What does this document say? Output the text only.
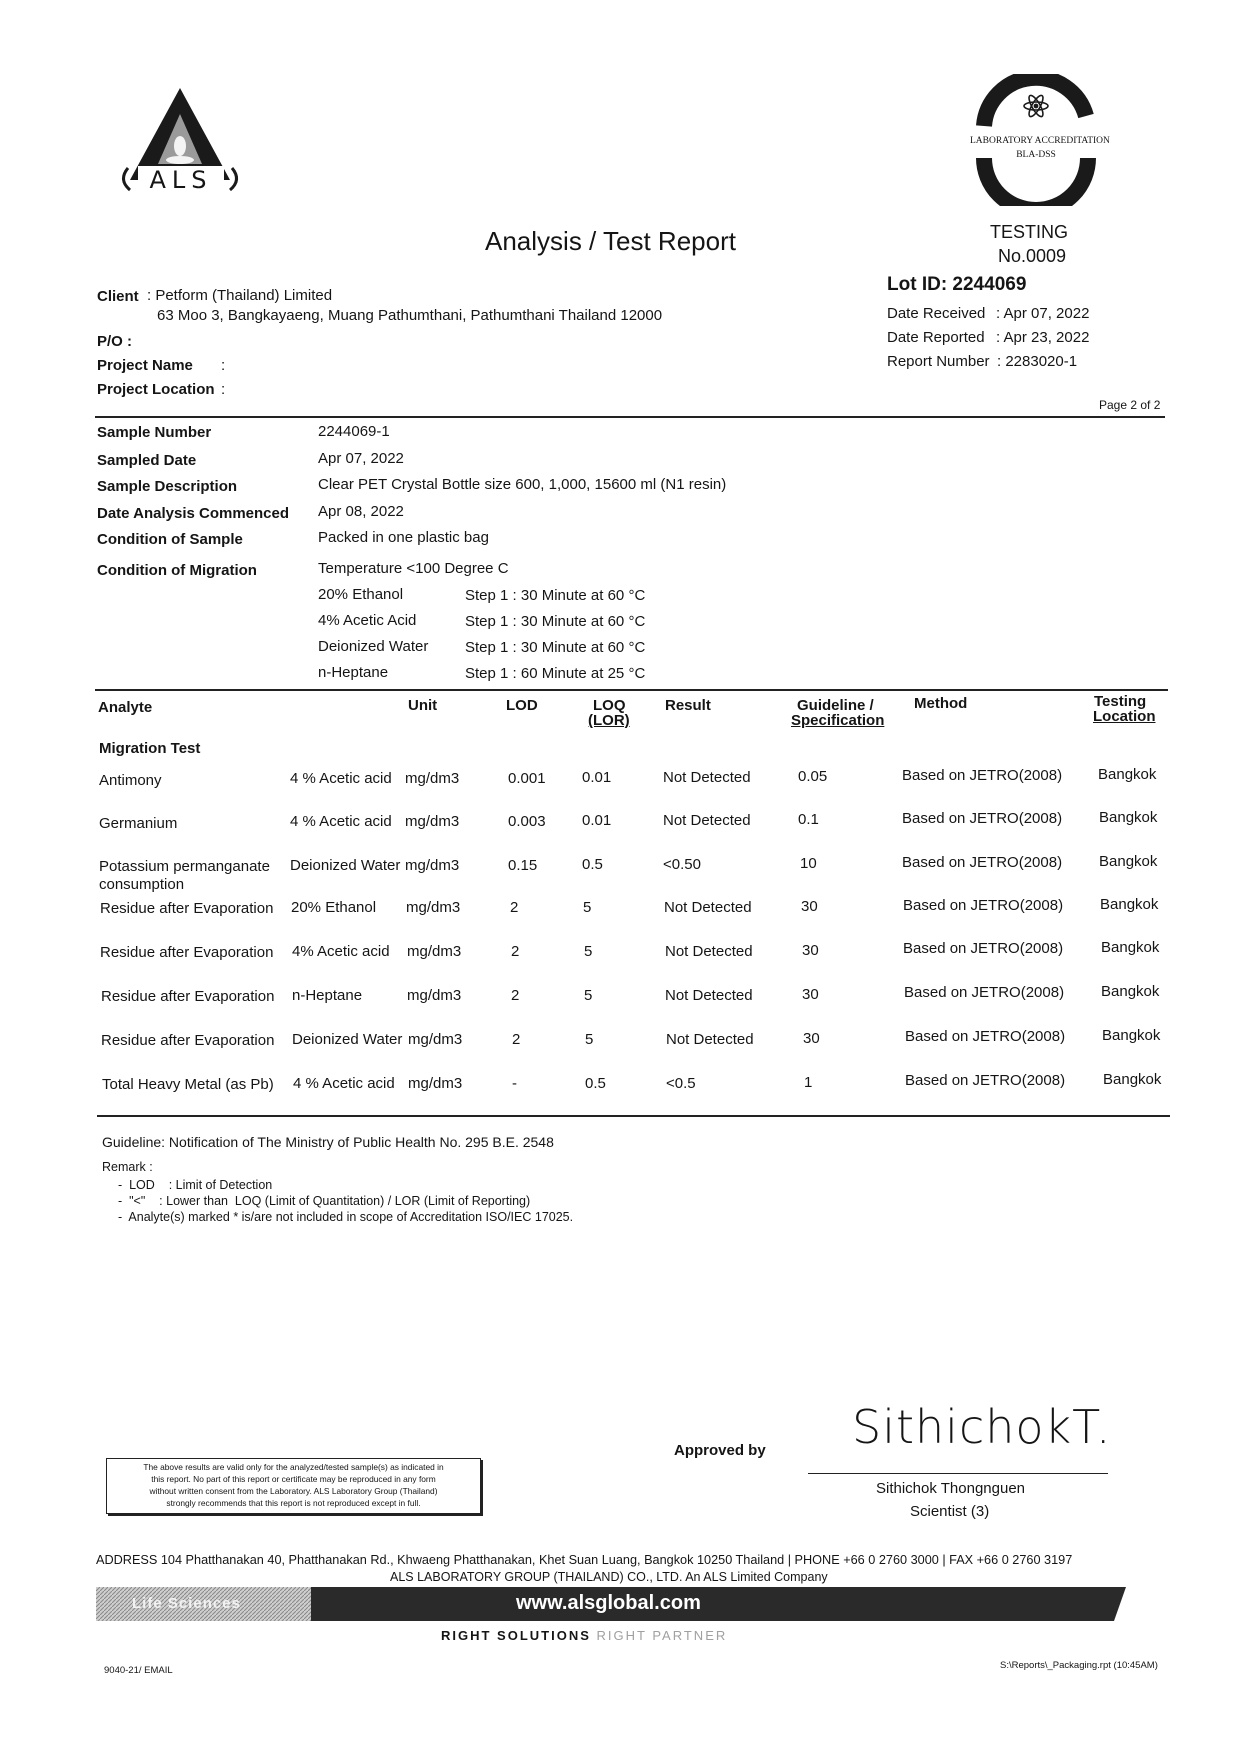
ALS
LABORATORY ACCREDITATION
BLA-DSS
TESTING
No.0009
Analysis / Test Report
Client : Petform (Thailand) Limited
63 Moo 3, Bangkayaeng, Muang Pathumthani, Pathumthani Thailand 12000
P/O :
Project Name :
Project Location :
Lot ID: 2244069
Date Received : Apr 07, 2022
Date Reported : Apr 23, 2022
Report Number : 2283020-1
Page 2 of 2
Sample Number	2244069-1
Sampled Date	Apr 07, 2022
Sample Description	Clear PET Crystal Bottle size 600, 1,000, 15600 ml (N1 resin)
Date Analysis Commenced Apr 08, 2022
Condition of Sample	Packed in one plastic bag
Condition of Migration	Temperature <100 Degree C
20% Ethanol	Step 1 : 30 Minute at 60 °C
4% Acetic Acid	Step 1 : 30 Minute at 60 °C
Deionized Water Step 1 : 30 Minute at 60 °C
n-Heptane	Step 1 : 60 Minute at 25 °C
Analyte	Unit	LOD	LOQ
(LOR)
Result	Guideline /
Specification
Method	Testing
Location
Migration Test
Antimony	4 % Acetic acid mg/dm3	0.001 0.01	Not Detected	0.05	Based on JETRO(2008) Bangkok
Germanium	4 % Acetic acid mg/dm3	0.003 0.01	Not Detected	0.1	Based on JETRO(2008) Bangkok
Potassium permanganate
consumption
Deionized Water mg/dm3	0.15	0.5	<0.50	10	Based on JETRO(2008) Bangkok
Residue after Evaporation 20% Ethanol mg/dm3	2	5	Not Detected	30	Based on JETRO(2008) Bangkok
Residue after Evaporation 4% Acetic acid mg/dm3	2	5	Not Detected	30	Based on JETRO(2008)	Bangkok
Residue after Evaporation n-Heptane	mg/dm3	2	5	Not Detected	30	Based on JETRO(2008) Bangkok
Residue after Evaporation Deionized Water mg/dm3	2	5	Not Detected	30	Based on JETRO(2008) Bangkok
Total Heavy Metal (as Pb) 4 % Acetic acid mg/dm3	-	0.5	<0.5	1	Based on JETRO(2008)	Bangkok
Guideline: Notification of The Ministry of Public Health No. 295 B.E. 2548
Remark :
-  LOD    : Limit of Detection
-  "<"    : Lower than  LOQ (Limit of Quantitation) / LOR (Limit of Reporting)
-  Analyte(s) marked * is/are not included in scope of Accreditation ISO/IEC 17025.
The above results are valid only for the analyzed/tested sample(s) as indicated in
this report. No part of this report or certificate may be reproduced in any form
without written consent from the Laboratory. ALS Laboratory Group (Thailand)
strongly recommends that this report is not reproduced except in full.
Approved by SithichokT.
Sithichok Thongnguen
Scientist (3)
ADDRESS 104 Phatthanakan 40, Phatthanakan Rd., Khwaeng Phatthanakan, Khet Suan Luang, Bangkok 10250 Thailand | PHONE +66 0 2760 3000 | FAX +66 0 2760 3197
ALS LABORATORY GROUP (THAILAND) CO., LTD. An ALS Limited Company
Life Sciences	www.alsglobal.com
RIGHT SOLUTIONS RIGHT PARTNER
9040-21/ EMAIL	S:\Reports\_Packaging.rpt (10:45AM)
